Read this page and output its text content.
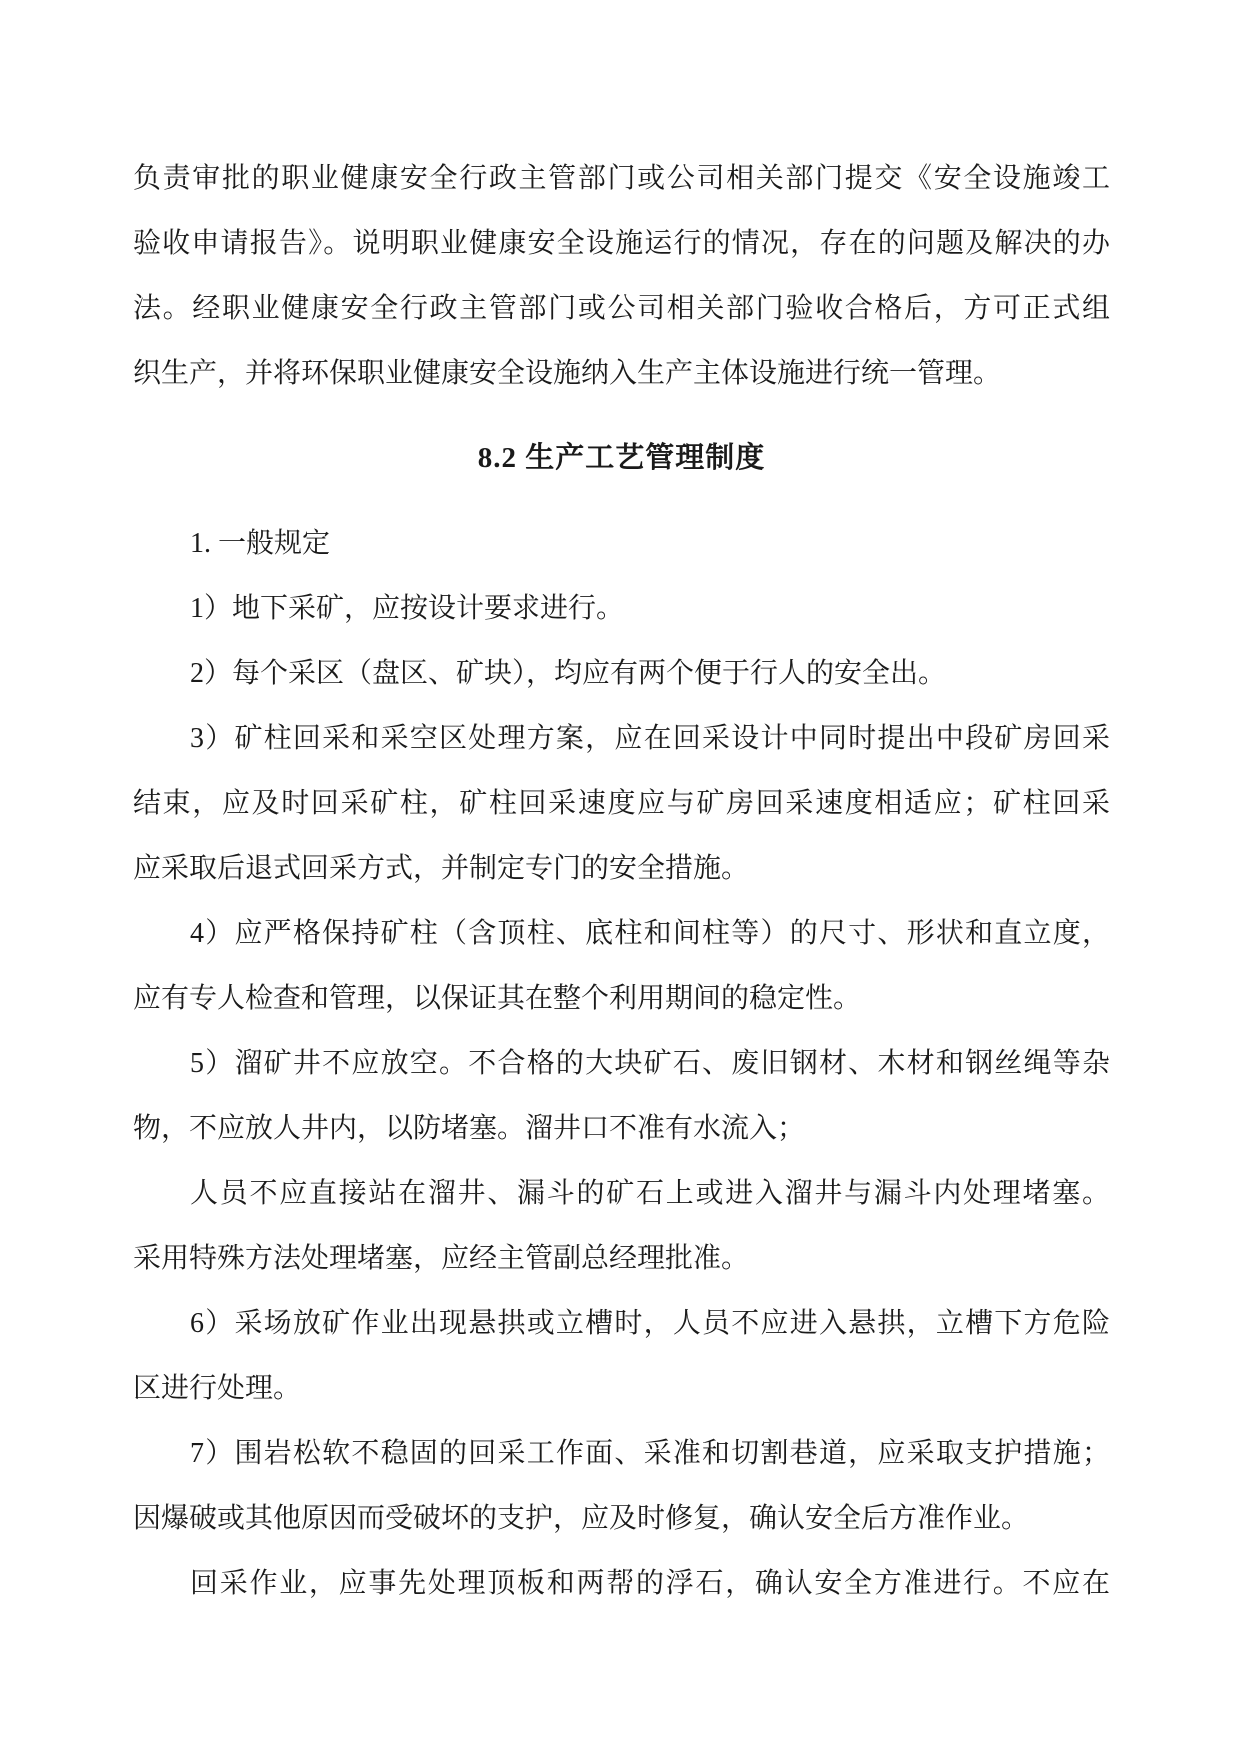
负责审批的职业健康安全行政主管部门或公司相关部门提交《安全设施竣工
验收申请报告》。说明职业健康安全设施运行的情况，存在的问题及解决的办
法。经职业健康安全行政主管部门或公司相关部门验收合格后，方可正式组
织生产，并将环保职业健康安全设施纳入生产主体设施进行统一管理。
8.2 生产工艺管理制度
1. 一般规定
1）地下采矿，应按设计要求进行。
2）每个采区（盘区、矿块），均应有两个便于行人的安全出。
3）矿柱回采和采空区处理方案，应在回采设计中同时提出中段矿房回采
结束，应及时回采矿柱，矿柱回采速度应与矿房回采速度相适应；矿柱回采
应采取后退式回采方式，并制定专门的安全措施。
4）应严格保持矿柱（含顶柱、底柱和间柱等）的尺寸、形状和直立度，
应有专人检查和管理，以保证其在整个利用期间的稳定性。
5）溜矿井不应放空。不合格的大块矿石、废旧钢材、木材和钢丝绳等杂
物，不应放人井内，以防堵塞。溜井口不准有水流入；
人员不应直接站在溜井、漏斗的矿石上或进入溜井与漏斗内处理堵塞。
采用特殊方法处理堵塞，应经主管副总经理批准。
6）采场放矿作业出现悬拱或立槽时，人员不应进入悬拱，立槽下方危险
区进行处理。
7）围岩松软不稳固的回采工作面、采准和切割巷道，应采取支护措施；
因爆破或其他原因而受破坏的支护，应及时修复，确认安全后方准作业。
回采作业，应事先处理顶板和两帮的浮石，确认安全方准进行。不应在
